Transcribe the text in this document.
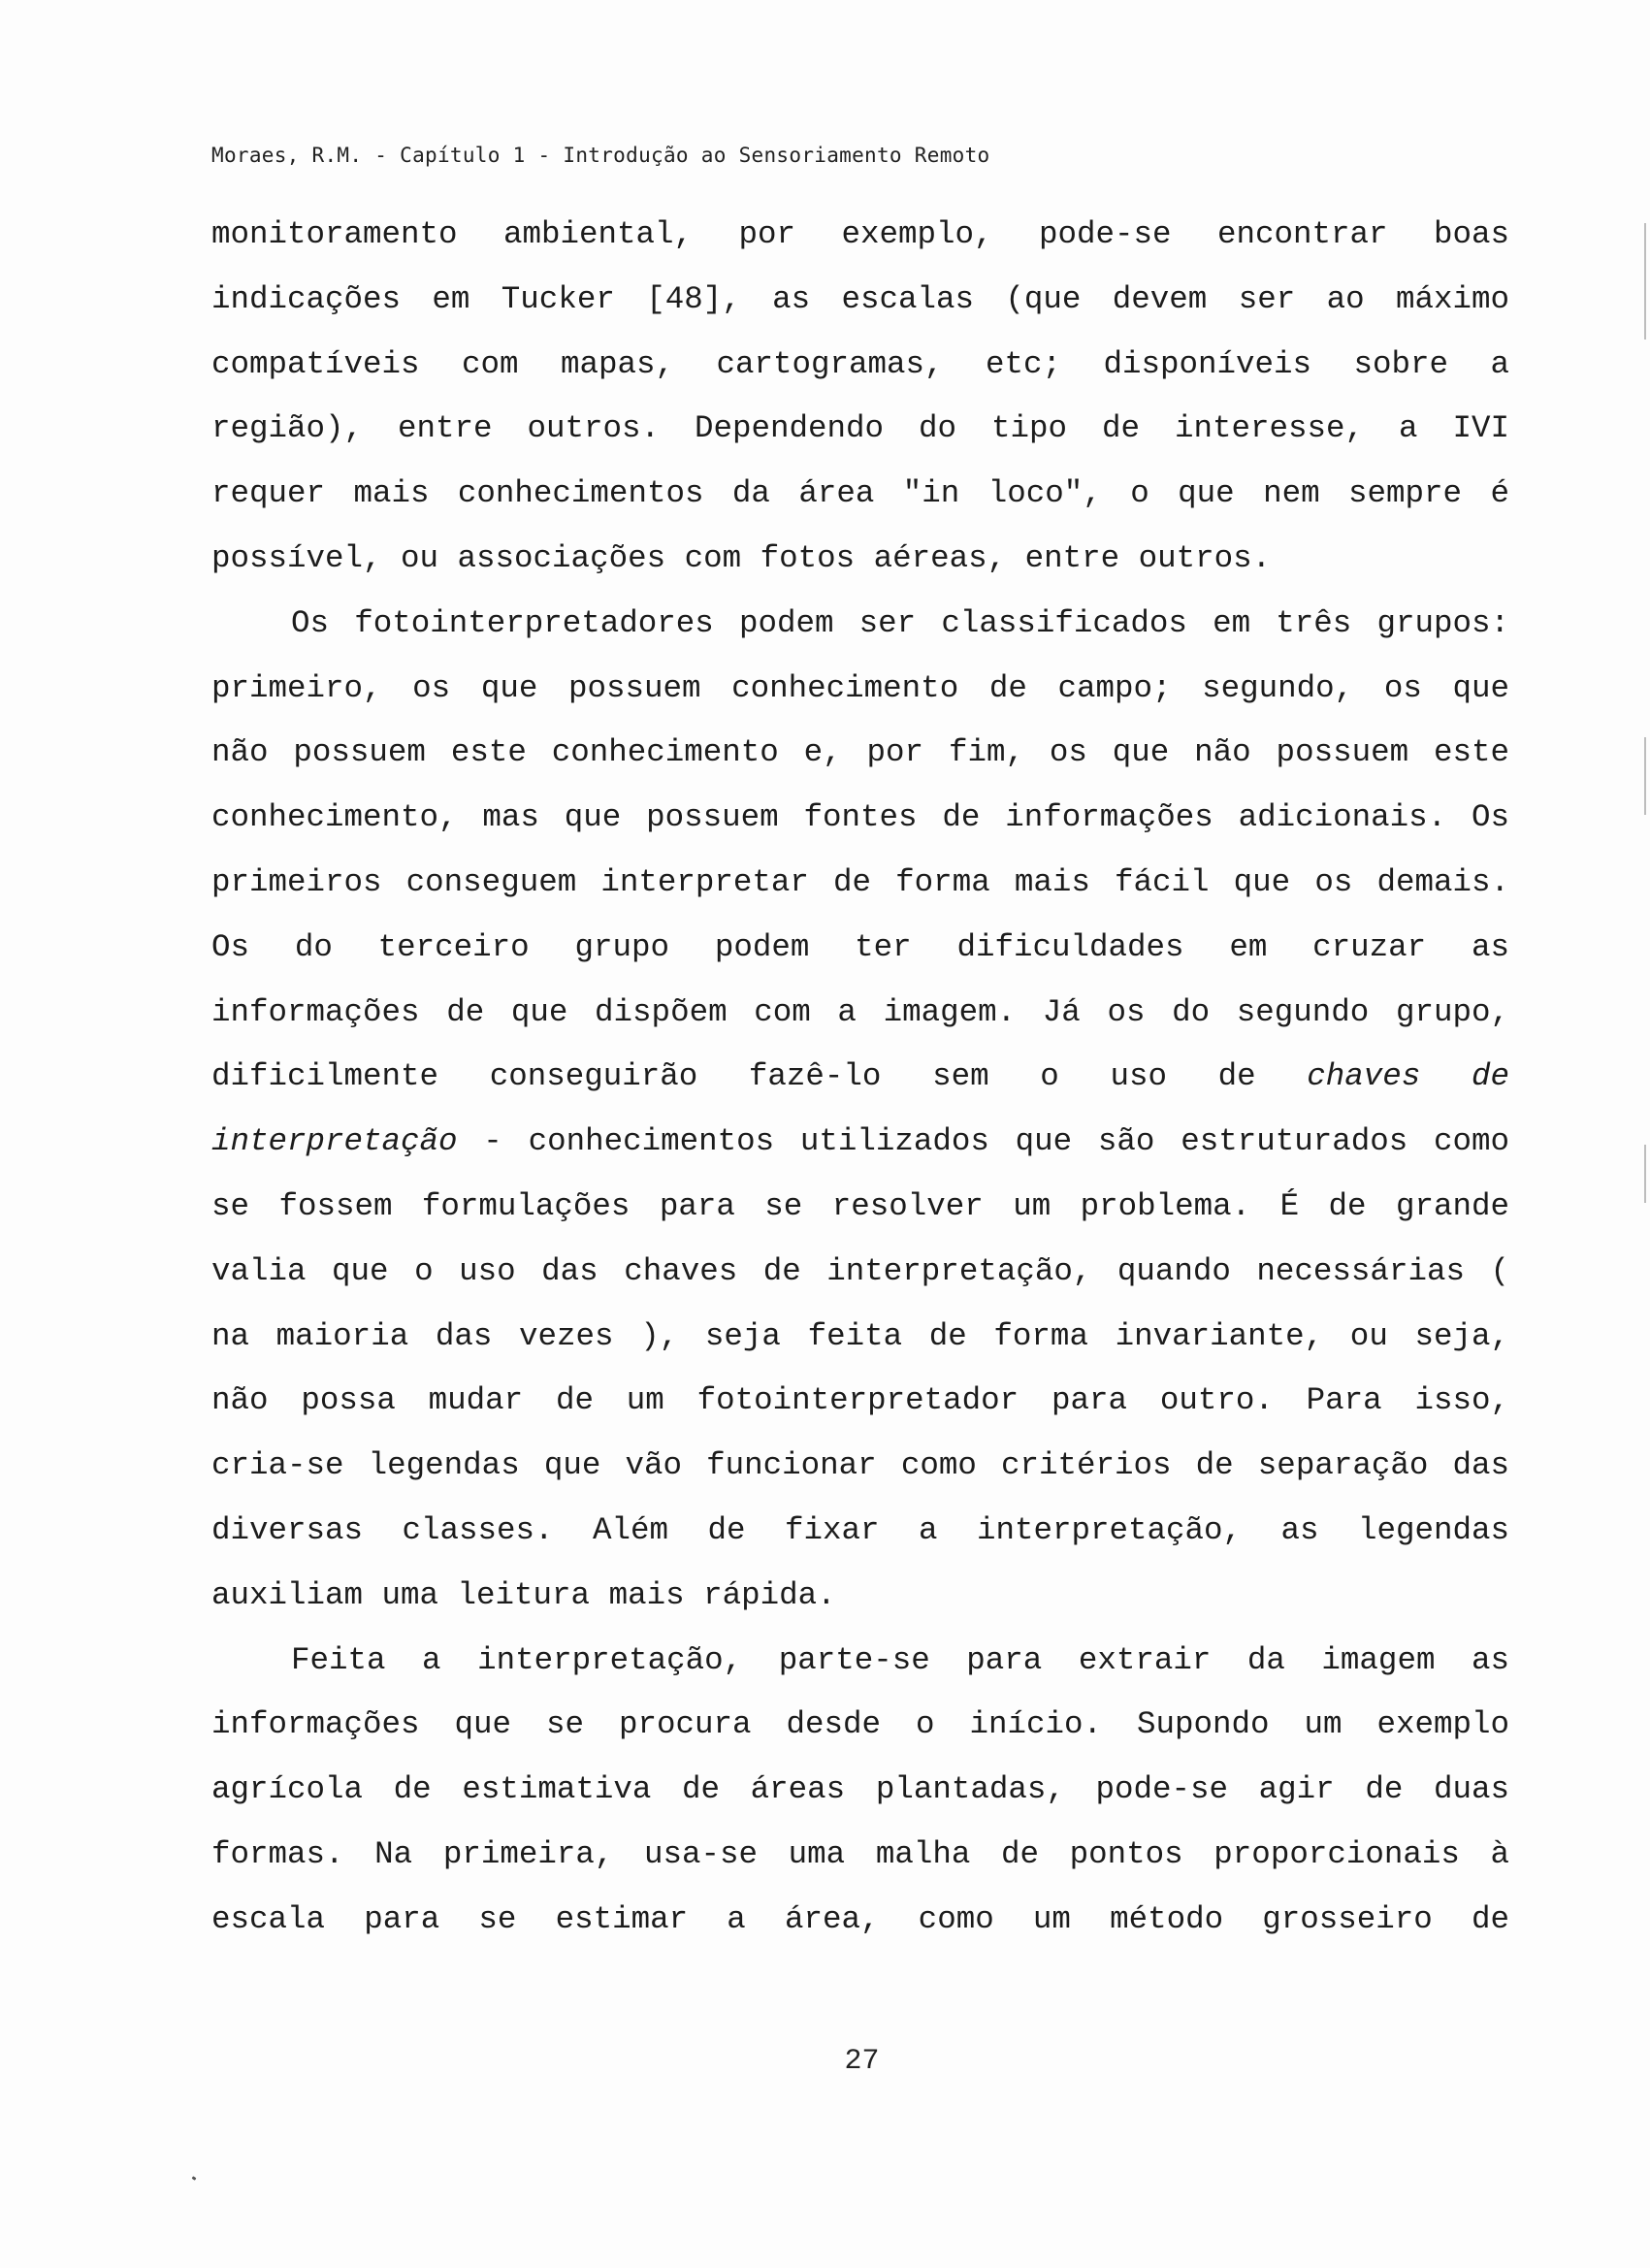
Moraes, R.M. - Capítulo 1 - Introdução ao Sensoriamento Remoto
monitoramento ambiental, por exemplo, pode-se encontrar boas
indicações em Tucker [48], as escalas (que devem ser ao máximo
compatíveis com mapas, cartogramas, etc; disponíveis sobre a
região), entre outros. Dependendo do tipo de interesse, a IVI
requer mais conhecimentos da área "in loco", o que nem sempre é
possível, ou associações com fotos aéreas, entre outros.
Os fotointerpretadores podem ser classificados em três grupos:
primeiro, os que possuem conhecimento de campo; segundo, os que
não possuem este conhecimento e, por fim, os que não possuem este
conhecimento, mas que possuem fontes de informações adicionais. Os
primeiros conseguem interpretar de forma mais fácil que os demais.
Os do terceiro grupo podem ter dificuldades em cruzar as
informações de que dispõem com a imagem. Já os do segundo grupo,
dificilmente conseguirão fazê-lo sem o uso de chaves de
interpretação - conhecimentos utilizados que são estruturados como
se fossem formulações para se resolver um problema. É de grande
valia que o uso das chaves de interpretação, quando necessárias (
na maioria das vezes ), seja feita de forma invariante, ou seja,
não possa mudar de um fotointerpretador para outro. Para isso,
cria-se legendas que vão funcionar como critérios de separação das
diversas classes. Além de fixar a interpretação, as legendas
auxiliam uma leitura mais rápida.
Feita a interpretação, parte-se para extrair da imagem as
informações que se procura desde o início. Supondo um exemplo
agrícola de estimativa de áreas plantadas, pode-se agir de duas
formas. Na primeira, usa-se uma malha de pontos proporcionais à
escala para se estimar a área, como um método grosseiro de
27
